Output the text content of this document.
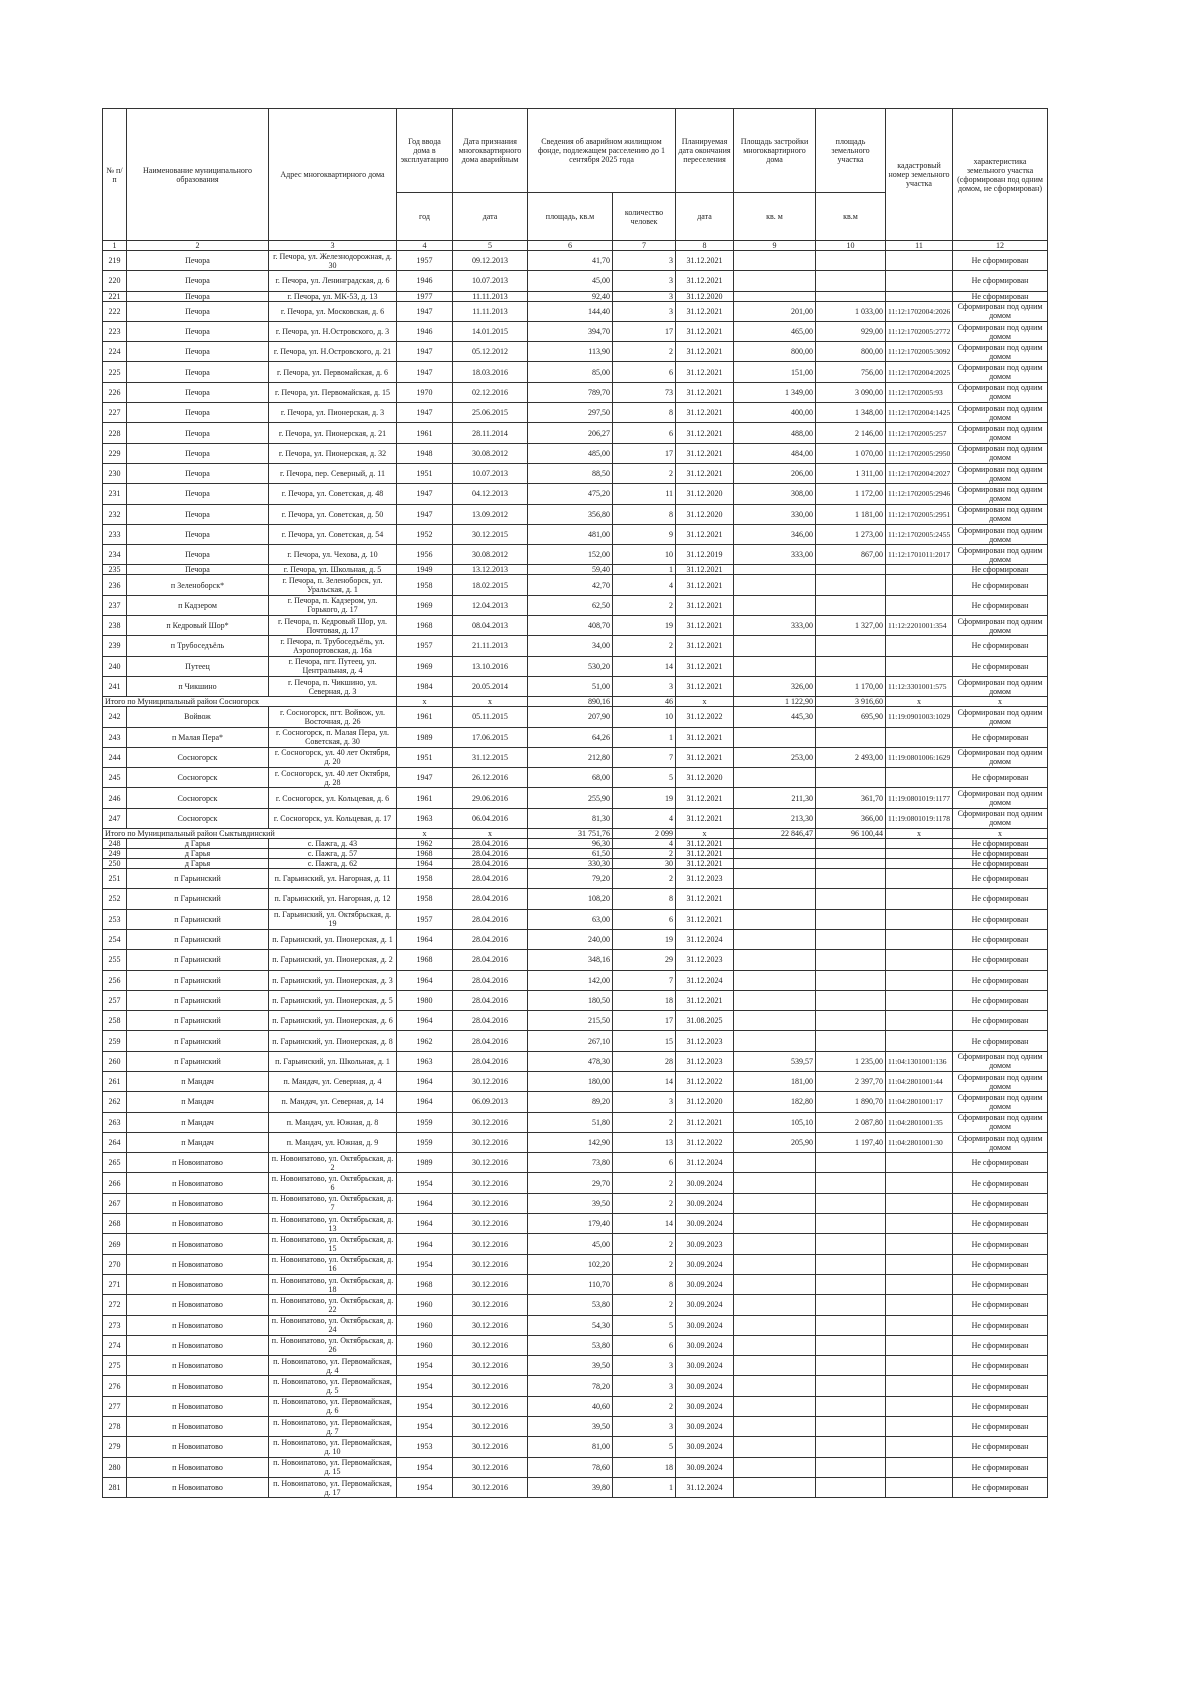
№ п/п	Наименование муниципального образования	Адрес многоквартирного дома	Год ввода дома в эксплуатацию	Дата признания многоквартирного дома аварийным	Сведения об аварийном жилищном фонде, подлежащем расселению до 1 сентября 2025 года		Планируемая дата окончания переселения	Площадь застройки многоквартирного дома	площадь земельного участка	кадастровый номер земельного участка	характеристика земельного участка (сформирован под одним домом, не сформирован)
			год	дата	площадь, кв.м	количество человек	дата	кв. м	кв.м		
1	2	3	4	5	6	7	8	9	10	11	12
219	Печора	г. Печора, ул. Железнодорожная, д. 30	1957	09.12.2013	41,70	3	31.12.2021				Не сформирован
220	Печора	г. Печора, ул. Ленинградская, д. 6	1946	10.07.2013	45,00	3	31.12.2021				Не сформирован
221	Печора	г. Печора, ул. МК-53, д. 13	1977	11.11.2013	92,40	3	31.12.2020				Не сформирован
222	Печора	г. Печора, ул. Московская, д. 6	1947	11.11.2013	144,40	3	31.12.2021	201,00	1 033,00	11:12:1702004:2026	Сформирован под одним домом
223	Печора	г. Печора, ул. Н.Островского, д. 3	1946	14.01.2015	394,70	17	31.12.2021	465,00	929,00	11:12:1702005:2772	Сформирован под одним домом
224	Печора	г. Печора, ул. Н.Островского, д. 21	1947	05.12.2012	113,90	2	31.12.2021	800,00	800,00	11:12:1702005:3092	Сформирован под одним домом
225	Печора	г. Печора, ул. Первомайская, д. 6	1947	18.03.2016	85,00	6	31.12.2021	151,00	756,00	11:12:1702004:2025	Сформирован под одним домом
226	Печора	г. Печора, ул. Первомайская, д. 15	1970	02.12.2016	789,70	73	31.12.2021	1 349,00	3 090,00	11:12:1702005:93	Сформирован под одним домом
227	Печора	г. Печора, ул. Пионерская, д. 3	1947	25.06.2015	297,50	8	31.12.2021	400,00	1 348,00	11:12:1702004:1425	Сформирован под одним домом
228	Печора	г. Печора, ул. Пионерская, д. 21	1961	28.11.2014	206,27	6	31.12.2021	488,00	2 146,00	11:12:1702005:257	Сформирован под одним домом
229	Печора	г. Печора, ул. Пионерская, д. 32	1948	30.08.2012	485,00	17	31.12.2021	484,00	1 070,00	11:12:1702005:2950	Сформирован под одним домом
230	Печора	г. Печора, пер. Северный, д. 11	1951	10.07.2013	88,50	2	31.12.2021	206,00	1 311,00	11:12:1702004:2027	Сформирован под одним домом
231	Печора	г. Печора, ул. Советская, д. 48	1947	04.12.2013	475,20	11	31.12.2020	308,00	1 172,00	11:12:1702005:2946	Сформирован под одним домом
232	Печора	г. Печора, ул. Советская, д. 50	1947	13.09.2012	356,80	8	31.12.2020	330,00	1 181,00	11:12:1702005:2951	Сформирован под одним домом
233	Печора	г. Печора, ул. Советская, д. 54	1952	30.12.2015	481,00	9	31.12.2021	346,00	1 273,00	11:12:1702005:2455	Сформирован под одним домом
234	Печора	г. Печора, ул. Чехова, д. 10	1956	30.08.2012	152,00	10	31.12.2019	333,00	867,00	11:12:1701011:2017	Сформирован под одним домом
235	Печора	г. Печора, ул. Школьная, д. 5	1949	13.12.2013	59,40	1	31.12.2021				Не сформирован
236	п Зеленоборск*	г. Печора, п. Зеленоборск, ул. Уральская, д. 1	1958	18.02.2015	42,70	4	31.12.2021				Не сформирован
237	п Кадзером	г. Печора, п. Кадзером, ул. Горького, д. 17	1969	12.04.2013	62,50	2	31.12.2021				Не сформирован
238	п Кедровый Шор*	г. Печора, п. Кедровый Шор, ул. Почтовая, д. 17	1968	08.04.2013	408,70	19	31.12.2021	333,00	1 327,00	11:12:2201001:354	Сформирован под одним домом
239	п Трубоседъёль	г. Печора, п. Трубоседъёль, ул. Аэропортовская, д. 16а	1957	21.11.2013	34,00	2	31.12.2021				Не сформирован
240	Путеец	г. Печора, пгт. Путеец, ул. Центральная, д. 4	1969	13.10.2016	530,20	14	31.12.2021				Не сформирован
241	п Чикшино	г. Печора, п. Чикшино, ул. Северная, д. 3	1984	20.05.2014	51,00	3	31.12.2021	326,00	1 170,00	11:12:3301001:575	Сформирован под одним домом
Итого по Муниципальный район Сосногорск			x	x	890,16	46	x	1 122,90	3 916,60	x	x
242	Войвож	г. Сосногорск, пгт. Войвож, ул. Восточная, д. 26	1961	05.11.2015	207,90	10	31.12.2022	445,30	695,90	11:19:0901003:1029	Сформирован под одним домом
243	п Малая Пера*	г. Сосногорск, п. Малая Пера, ул. Советская, д. 30	1989	17.06.2015	64,26	1	31.12.2021				Не сформирован
244	Сосногорск	г. Сосногорск, ул. 40 лет Октября, д. 20	1951	31.12.2015	212,80	7	31.12.2021	253,00	2 493,00	11:19:0801006:1629	Сформирован под одним домом
245	Сосногорск	г. Сосногорск, ул. 40 лет Октября, д. 28	1947	26.12.2016	68,00	5	31.12.2020				Не сформирован
246	Сосногорск	г. Сосногорск, ул. Кольцевая, д. 6	1961	29.06.2016	255,90	19	31.12.2021	211,30	361,70	11:19:0801019:1177	Сформирован под одним домом
247	Сосногорск	г. Сосногорск, ул. Кольцевая, д. 17	1963	06.04.2016	81,30	4	31.12.2021	213,30	366,00	11:19:0801019:1178	Сформирован под одним домом
Итого по Муниципальный район Сыктывдинский			x	x	31 751,76	2 099	x	22 846,47	96 100,44	x	x
248	д Гарья	с. Пажга, д. 43	1962	28.04.2016	96,30	4	31.12.2021				Не сформирован
249	д Гарья	с. Пажга, д. 57	1968	28.04.2016	61,50	2	31.12.2021				Не сформирован
250	д Гарья	с. Пажга, д. 62	1964	28.04.2016	330,30	30	31.12.2021				Не сформирован
251	п Гарьинский	п. Гарьинский, ул. Нагорная, д. 11	1958	28.04.2016	79,20	2	31.12.2023				Не сформирован
252	п Гарьинский	п. Гарьинский, ул. Нагорная, д. 12	1958	28.04.2016	108,20	8	31.12.2021				Не сформирован
253	п Гарьинский	п. Гарьинский, ул. Октябрьская, д. 19	1957	28.04.2016	63,00	6	31.12.2021				Не сформирован
254	п Гарьинский	п. Гарьинский, ул. Пионерская, д. 1	1964	28.04.2016	240,00	19	31.12.2024				Не сформирован
255	п Гарьинский	п. Гарьинский, ул. Пионерская, д. 2	1968	28.04.2016	348,16	29	31.12.2023				Не сформирован
256	п Гарьинский	п. Гарьинский, ул. Пионерская, д. 3	1964	28.04.2016	142,00	7	31.12.2024				Не сформирован
257	п Гарьинский	п. Гарьинский, ул. Пионерская, д. 5	1980	28.04.2016	180,50	18	31.12.2021				Не сформирован
258	п Гарьинский	п. Гарьинский, ул. Пионерская, д. 6	1964	28.04.2016	215,50	17	31.08.2025				Не сформирован
259	п Гарьинский	п. Гарьинский, ул. Пионерская, д. 8	1962	28.04.2016	267,10	15	31.12.2023				Не сформирован
260	п Гарьинский	п. Гарьинский, ул. Школьная, д. 1	1963	28.04.2016	478,30	28	31.12.2023	539,57	1 235,00	11:04:1301001:136	Сформирован под одним домом
261	п Мандач	п. Мандач, ул. Северная, д. 4	1964	30.12.2016	180,00	14	31.12.2022	181,00	2 397,70	11:04:2801001:44	Сформирован под одним домом
262	п Мандач	п. Мандач, ул. Северная, д. 14	1964	06.09.2013	89,20	3	31.12.2020	182,80	1 890,70	11:04:2801001:17	Сформирован под одним домом
263	п Мандач	п. Мандач, ул. Южная, д. 8	1959	30.12.2016	51,80	2	31.12.2021	105,10	2 087,80	11:04:2801001:35	Сформирован под одним домом
264	п Мандач	п. Мандач, ул. Южная, д. 9	1959	30.12.2016	142,90	13	31.12.2022	205,90	1 197,40	11:04:2801001:30	Сформирован под одним домом
265	п Новоипатово	п. Новоипатово, ул. Октябрьская, д. 2	1989	30.12.2016	73,80	6	31.12.2024				Не сформирован
266	п Новоипатово	п. Новоипатово, ул. Октябрьская, д. 6	1954	30.12.2016	29,70	2	30.09.2024				Не сформирован
267	п Новоипатово	п. Новоипатово, ул. Октябрьская, д. 7	1964	30.12.2016	39,50	2	30.09.2024				Не сформирован
268	п Новоипатово	п. Новоипатово, ул. Октябрьская, д. 13	1964	30.12.2016	179,40	14	30.09.2024				Не сформирован
269	п Новоипатово	п. Новоипатово, ул. Октябрьская, д. 15	1964	30.12.2016	45,00	2	30.09.2023				Не сформирован
270	п Новоипатово	п. Новоипатово, ул. Октябрьская, д. 16	1954	30.12.2016	102,20	2	30.09.2024				Не сформирован
271	п Новоипатово	п. Новоипатово, ул. Октябрьская, д. 18	1968	30.12.2016	110,70	8	30.09.2024				Не сформирован
272	п Новоипатово	п. Новоипатово, ул. Октябрьская, д. 22	1960	30.12.2016	53,80	2	30.09.2024				Не сформирован
273	п Новоипатово	п. Новоипатово, ул. Октябрьская, д. 24	1960	30.12.2016	54,30	5	30.09.2024				Не сформирован
274	п Новоипатово	п. Новоипатово, ул. Октябрьская, д. 26	1960	30.12.2016	53,80	6	30.09.2024				Не сформирован
275	п Новоипатово	п. Новоипатово, ул. Первомайская, д. 4	1954	30.12.2016	39,50	3	30.09.2024				Не сформирован
276	п Новоипатово	п. Новоипатово, ул. Первомайская, д. 5	1954	30.12.2016	78,20	3	30.09.2024				Не сформирован
277	п Новоипатово	п. Новоипатово, ул. Первомайская, д. 6	1954	30.12.2016	40,60	2	30.09.2024				Не сформирован
278	п Новоипатово	п. Новоипатово, ул. Первомайская, д. 7	1954	30.12.2016	39,50	3	30.09.2024				Не сформирован
279	п Новоипатово	п. Новоипатово, ул. Первомайская, д. 10	1953	30.12.2016	81,00	5	30.09.2024				Не сформирован
280	п Новоипатово	п. Новоипатово, ул. Первомайская, д. 15	1954	30.12.2016	78,60	18	30.09.2024				Не сформирован
281	п Новоипатово	п. Новоипатово, ул. Первомайская, д. 17	1954	30.12.2016	39,80	1	31.12.2024				Не сформирован
